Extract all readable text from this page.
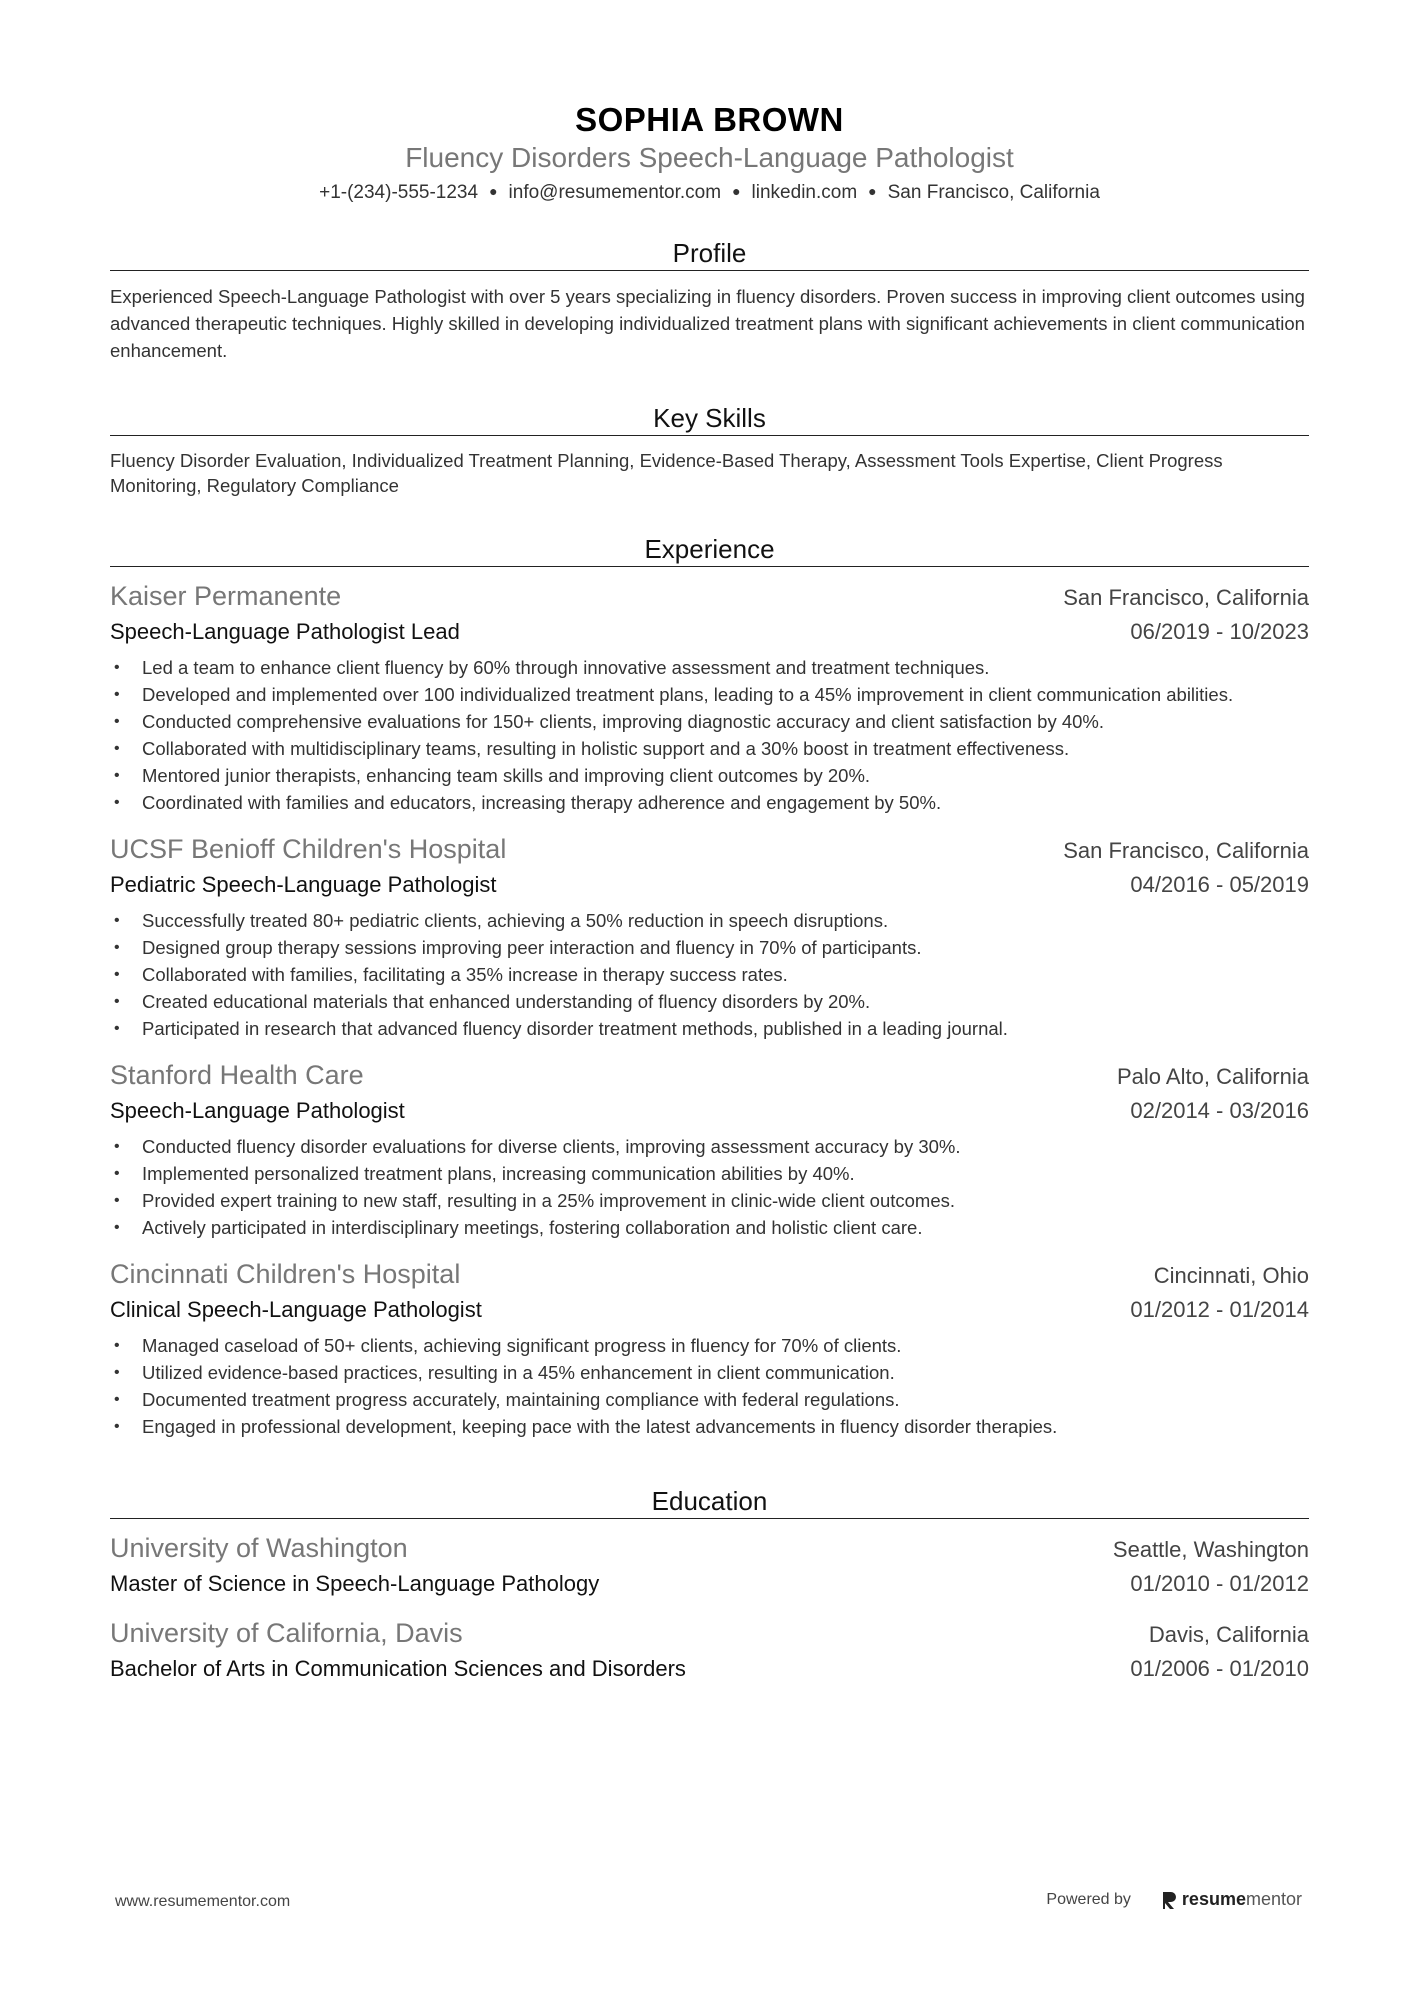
SOPHIA BROWN
Fluency Disorders Speech-Language Pathologist
+1-(234)-555-1234 ● info@resumementor.com ● linkedin.com ● San Francisco, California
Profile
Experienced Speech-Language Pathologist with over 5 years specializing in fluency disorders. Proven success in improving client outcomes using advanced therapeutic techniques. Highly skilled in developing individualized treatment plans with significant achievements in client communication enhancement.
Key Skills
Fluency Disorder Evaluation, Individualized Treatment Planning, Evidence-Based Therapy, Assessment Tools Expertise, Client Progress Monitoring, Regulatory Compliance
Experience
Kaiser Permanente	San Francisco, California
Speech-Language Pathologist Lead	06/2019 - 10/2023
• Led a team to enhance client fluency by 60% through innovative assessment and treatment techniques.
• Developed and implemented over 100 individualized treatment plans, leading to a 45% improvement in client communication abilities.
• Conducted comprehensive evaluations for 150+ clients, improving diagnostic accuracy and client satisfaction by 40%.
• Collaborated with multidisciplinary teams, resulting in holistic support and a 30% boost in treatment effectiveness.
• Mentored junior therapists, enhancing team skills and improving client outcomes by 20%.
• Coordinated with families and educators, increasing therapy adherence and engagement by 50%.
UCSF Benioff Children's Hospital	San Francisco, California
Pediatric Speech-Language Pathologist	04/2016 - 05/2019
• Successfully treated 80+ pediatric clients, achieving a 50% reduction in speech disruptions.
• Designed group therapy sessions improving peer interaction and fluency in 70% of participants.
• Collaborated with families, facilitating a 35% increase in therapy success rates.
• Created educational materials that enhanced understanding of fluency disorders by 20%.
• Participated in research that advanced fluency disorder treatment methods, published in a leading journal.
Stanford Health Care	Palo Alto, California
Speech-Language Pathologist	02/2014 - 03/2016
• Conducted fluency disorder evaluations for diverse clients, improving assessment accuracy by 30%.
• Implemented personalized treatment plans, increasing communication abilities by 40%.
• Provided expert training to new staff, resulting in a 25% improvement in clinic-wide client outcomes.
• Actively participated in interdisciplinary meetings, fostering collaboration and holistic client care.
Cincinnati Children's Hospital	Cincinnati, Ohio
Clinical Speech-Language Pathologist	01/2012 - 01/2014
• Managed caseload of 50+ clients, achieving significant progress in fluency for 70% of clients.
• Utilized evidence-based practices, resulting in a 45% enhancement in client communication.
• Documented treatment progress accurately, maintaining compliance with federal regulations.
• Engaged in professional development, keeping pace with the latest advancements in fluency disorder therapies.
Education
University of Washington	Seattle, Washington
Master of Science in Speech-Language Pathology	01/2010 - 01/2012
University of California, Davis	Davis, California
Bachelor of Arts in Communication Sciences and Disorders	01/2006 - 01/2010
www.resumementor.com	Powered by	resume mentor
